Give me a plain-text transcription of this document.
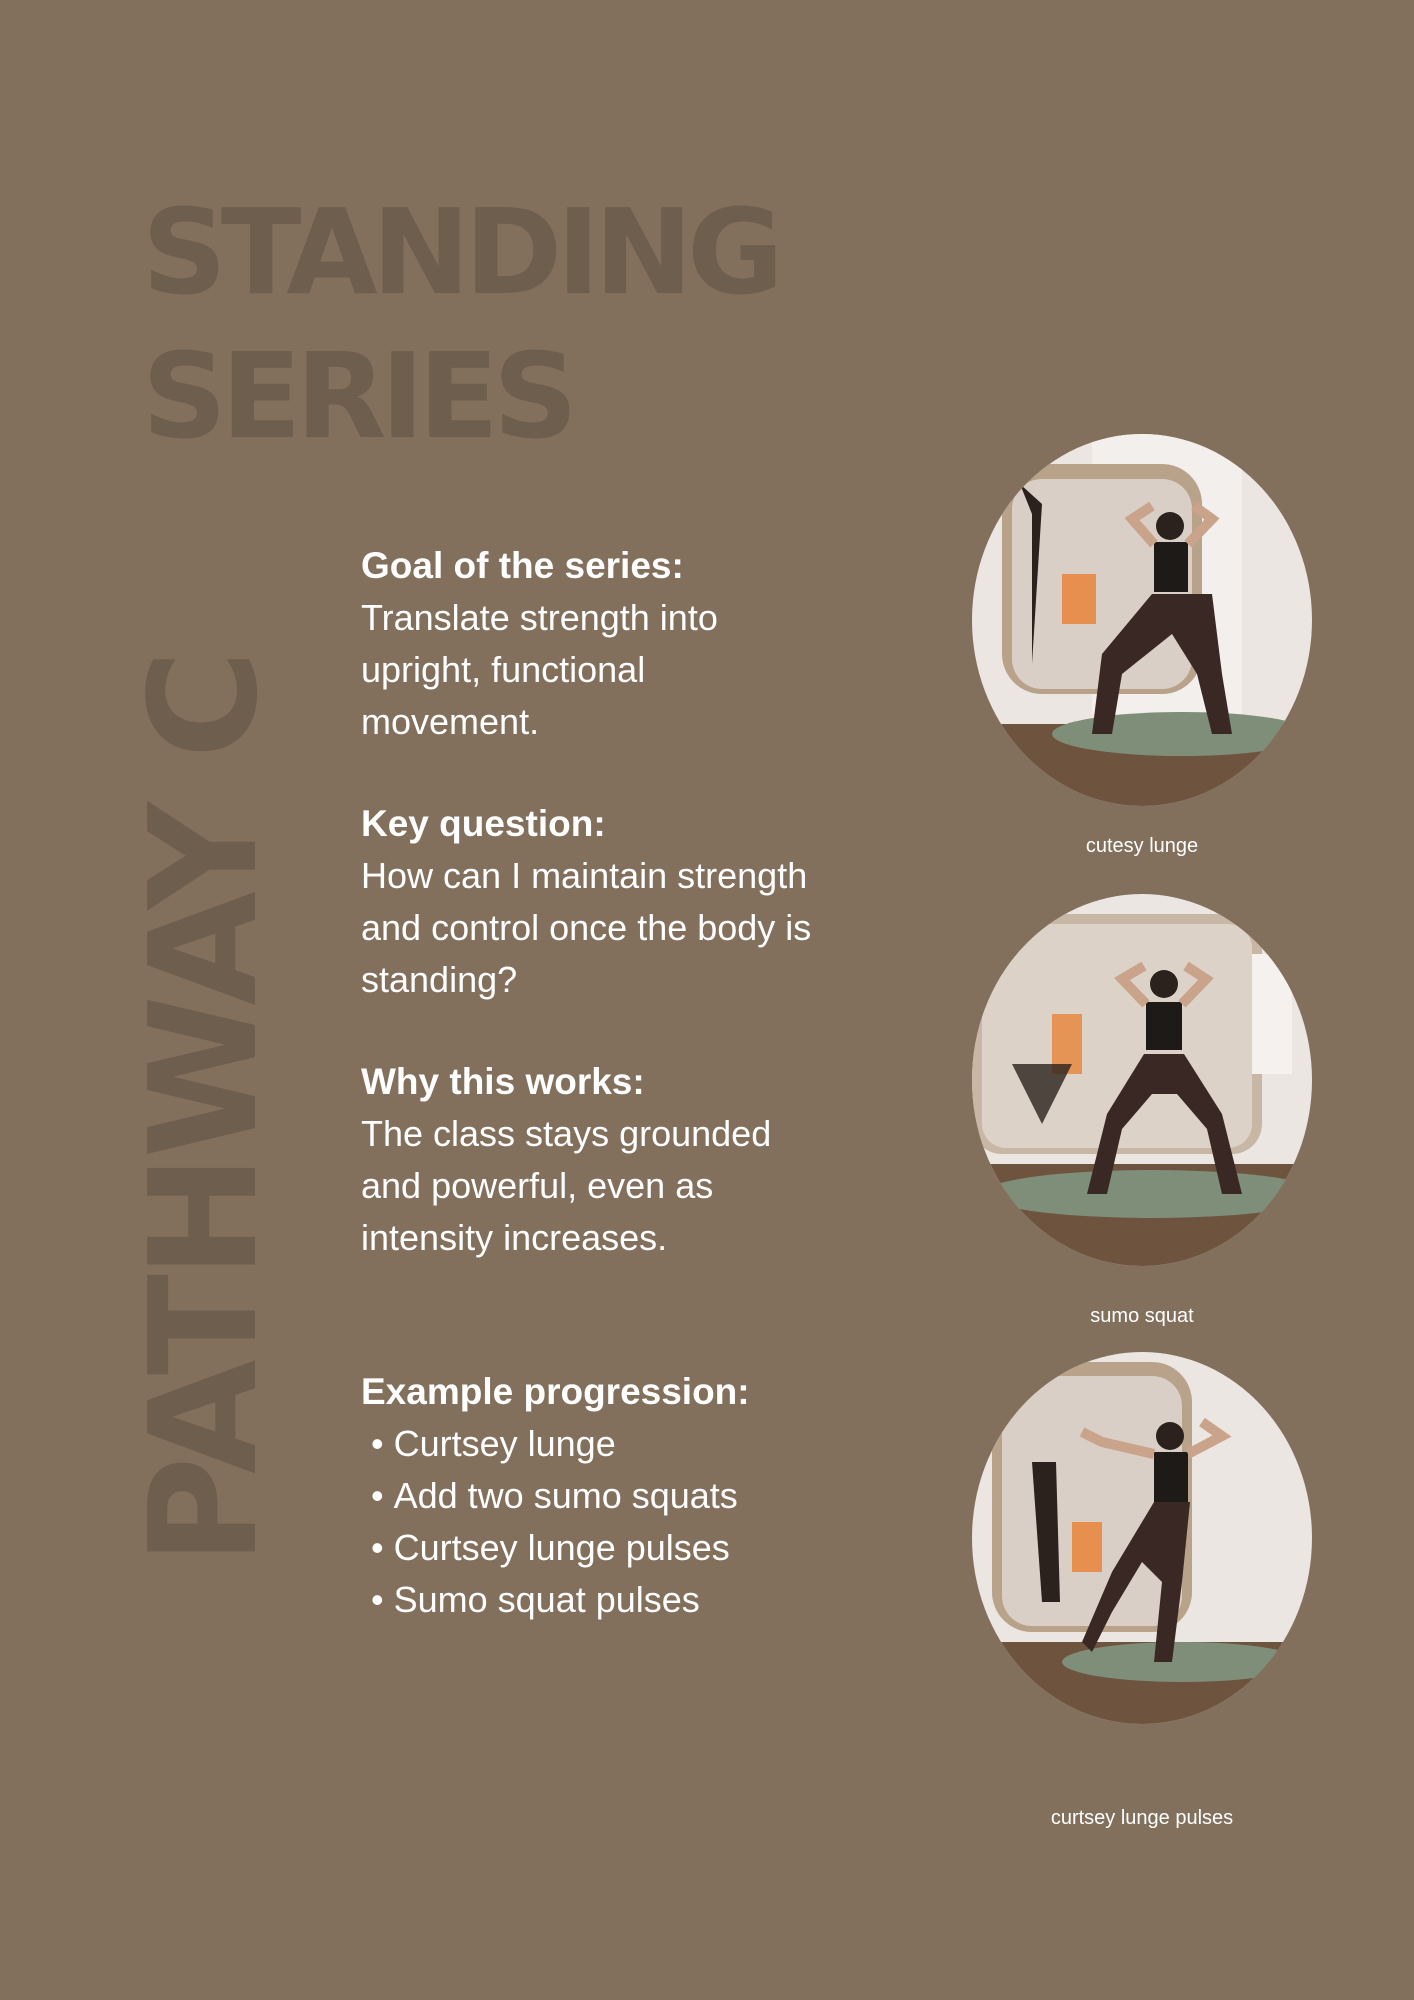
STANDING
SERIES
PATHWAY C
Goal of the series:

Translate strength into upright, functional movement.

Key question:

How can I maintain strength and control once the body is standing?

Why this works:

The class stays grounded and powerful, even as intensity increases.

Example progression:
• Curtsey lunge
• Add two sumo squats
• Curtsey lunge pulses
• Sumo squat pulses
cutesy lunge
sumo squat
curtsey lunge pulses
